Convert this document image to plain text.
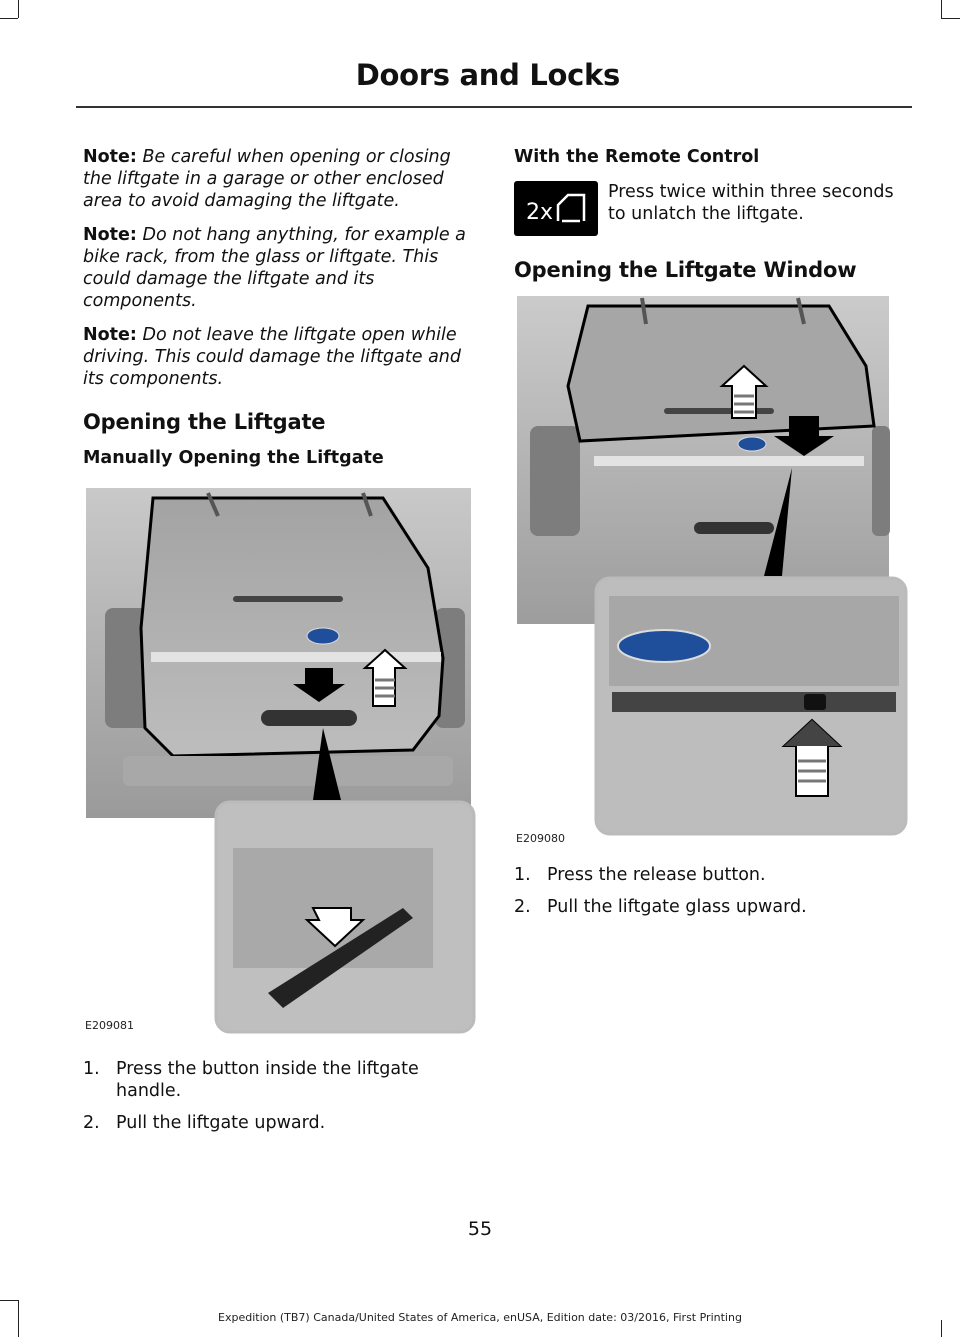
Doors and Locks

Note: Be careful when opening or closing the liftgate in a garage or other enclosed area to avoid damaging the liftgate.

Note: Do not hang anything, for example a bike rack, from the glass or liftgate. This could damage the liftgate and its components.

Note: Do not leave the liftgate open while driving. This could damage the liftgate and its components.

Opening the Liftgate
Manually Opening the Liftgate
E209081
1. Press the button inside the liftgate handle.
2. Pull the liftgate upward.
With the Remote Control
2x
Press twice within three seconds to unlatch the liftgate.
Opening the Liftgate Window
E209080
1. Press the release button.
2. Pull the liftgate glass upward.
55
Expedition (TB7) Canada/United States of America, enUSA, Edition date: 03/2016, First Printing
